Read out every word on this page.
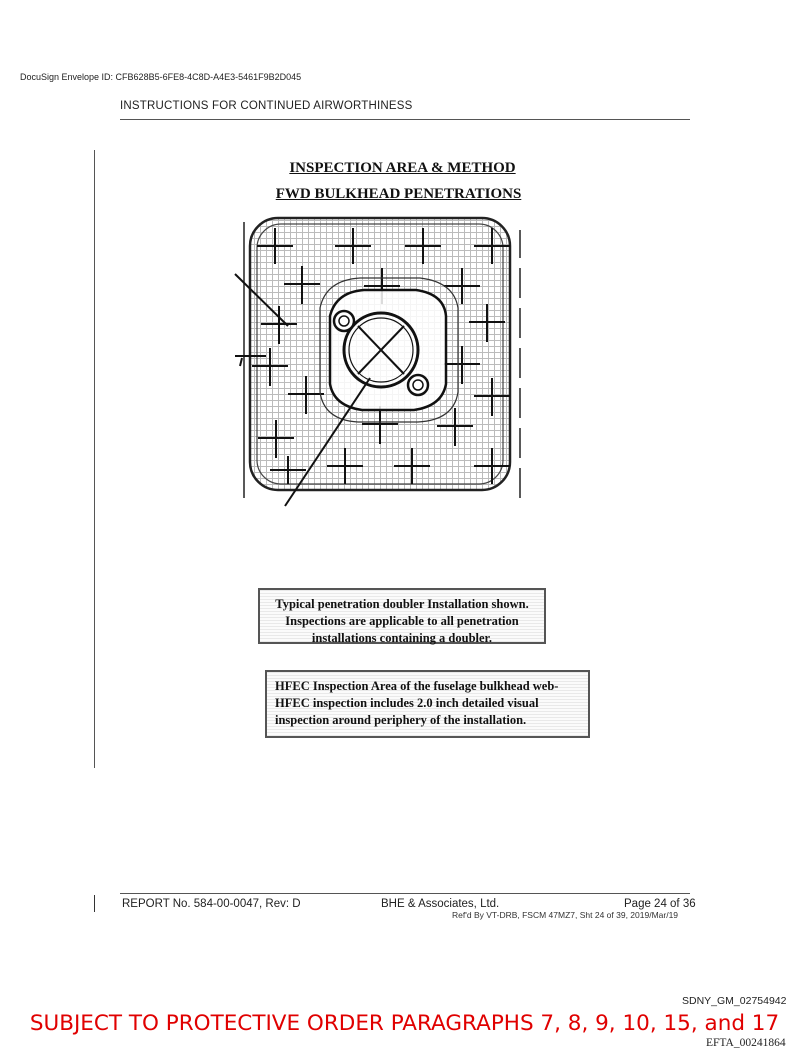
DocuSign Envelope ID: CFB628B5-6FE8-4C8D-A4E3-5461F9B2D045
INSTRUCTIONS FOR CONTINUED AIRWORTHINESS
INSPECTION AREA & METHOD
FWD BULKHEAD PENETRATIONS
Typical penetration doubler Installation shown.
Inspections are applicable to all penetration
installations containing a doubler.
HFEC Inspection Area of the fuselage bulkhead web-
HFEC inspection includes 2.0 inch detailed visual
inspection around periphery of the installation.
REPORT No. 584-00-0047, Rev: D	BHE & Associates, Ltd.	Page 24 of 36
Ref'd By VT-DRB, FSCM 47MZ7, Sht 24 of 39, 2019/Mar/19
SDNY_GM_02754942
SUBJECT TO PROTECTIVE ORDER PARAGRAPHS 7, 8, 9, 10, 15, and 17
EFTA_00241864
